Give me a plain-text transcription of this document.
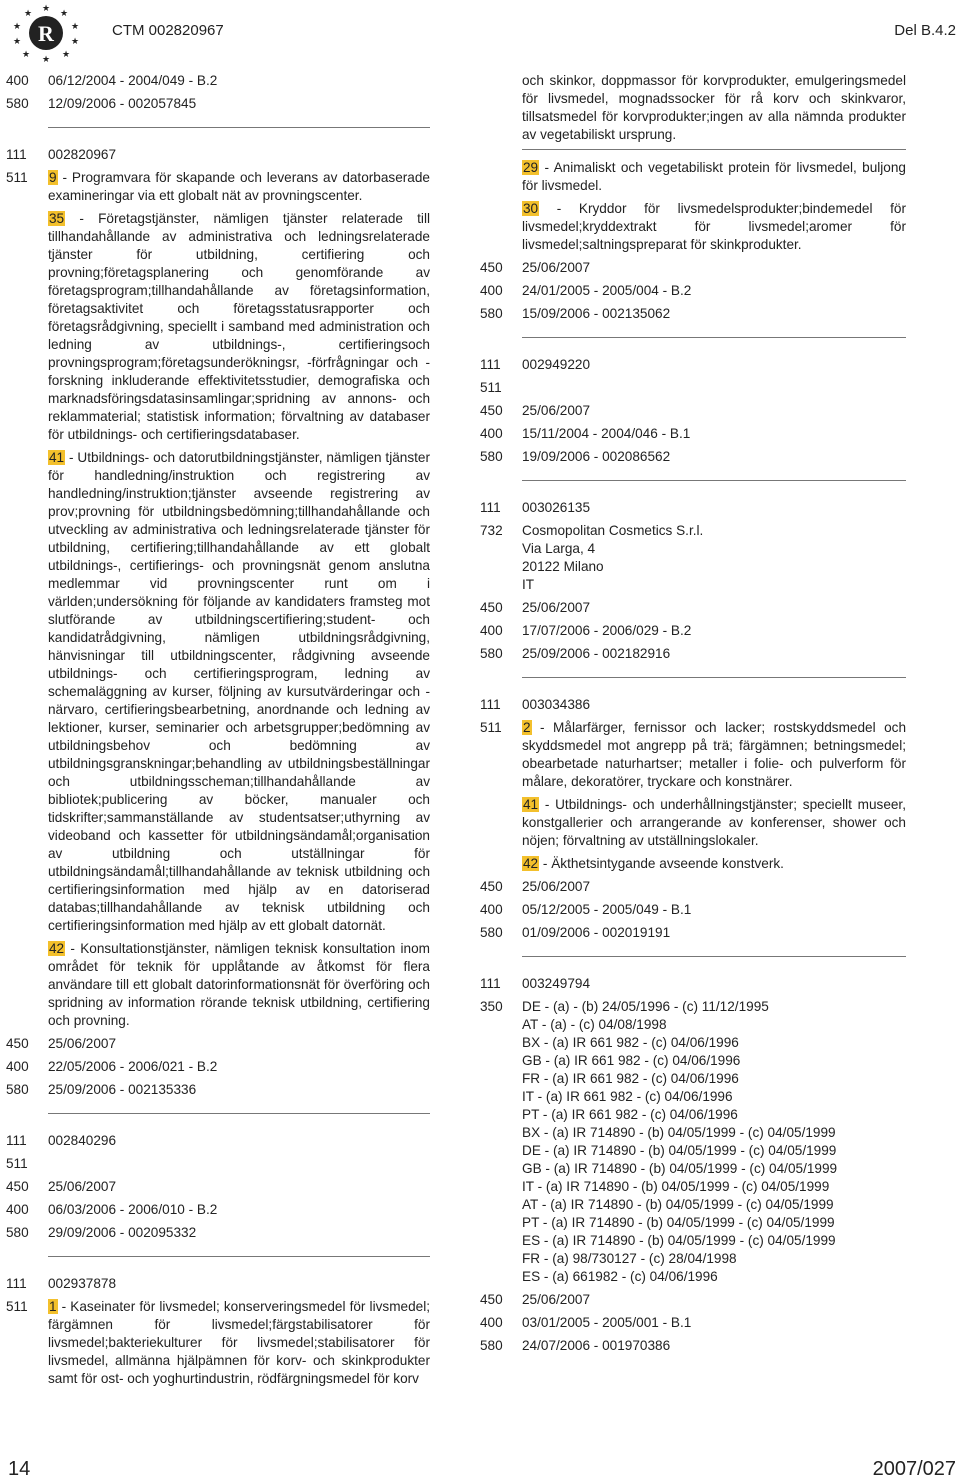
R
★
★	★
★	★
★	★
★	★
★
CTM 002820967	Del B.4.2
400	06/12/2004 - 2004/049 - B.2
580	12/09/2006 - 002057845
111	002820967
511	9 - Programvara för skapande och leverans av datorbaserade examineringar via ett globalt nät av provningscenter.
35 - Företagstjänster, nämligen tjänster relaterade till tillhandahållande av administrativa och ledningsrelaterade tjänster för utbildning, certifiering och provning;företagsplanering och genomförande av företagsprogram;tillhandahållande av företagsinformation, företagsaktivitet och företagsstatusrapporter och företagsrådgivning, speciellt i samband med administration och ledning av utbildnings-, certifieringsoch provningsprogram;företagsunderökningsr, -förfrågningar och -forskning inkluderande effektivitetsstudier, demografiska och marknadsföringsdatasinsamlingar;spridning av annons- och reklammaterial; statistisk information; förvaltning av databaser för utbildnings- och certifieringsdatabaser.
41 - Utbildnings- och datorutbildningstjänster, nämligen tjänster för handledning/instruktion och registrering av handledning/instruktion;tjänster avseende registrering av prov;provning för utbildningsbedömning;tillhandahållande och utveckling av administrativa och ledningsrelaterade tjänster för utbildning, certifiering;tillhandahållande av ett globalt utbildnings-, certifierings- och provningsnät genom anslutna medlemmar vid provningscenter runt om i världen;undersökning för följande av kandidaters framsteg mot slutförande av utbildningscertifiering;student- och kandidatrådgivning, nämligen utbildningsrådgivning, hänvisningar till utbildningscenter, rådgivning avseende utbildnings- och certifieringsprogram, ledning av schemaläggning av kurser, följning av kursutvärderingar och -närvaro, certifieringsbearbetning, anordnande och ledning av lektioner, kurser, seminarier och arbetsgrupper;bedömning av utbildningsbehov och bedömning av utbildningsgranskningar;behandling av utbildningsbeställningar och utbildningsscheman;tillhandahållande av bibliotek;publicering av böcker, manualer och tidskrifter;sammanställande av studentsatser;uthyrning av videoband och kassetter för utbildningsändamål;organisation av utbildning och utställningar för utbildningsändamål;tillhandahållande av teknisk utbildning och certifieringsinformation med hjälp av en datoriserad databas;tillhandahållande av teknisk utbildning och certifieringsinformation med hjälp av ett globalt datornät.
42 - Konsultationstjänster, nämligen teknisk konsultation inom området för teknik för upplåtande av åtkomst för flera användare till ett globalt datorinformationsnät för överföring och spridning av information rörande teknisk utbildning, certifiering och provning.
450	25/06/2007
400	22/05/2006 - 2006/021 - B.2
580	25/09/2006 - 002135336
111	002840296
511

450	25/06/2007
400	06/03/2006 - 2006/010 - B.2
580	29/09/2006 - 002095332
111	002937878
511	1 - Kaseinater för livsmedel; konserveringsmedel för livsmedel; färgämnen för livsmedel;färgstabilisatorer för livsmedel;bakteriekulturer för livsmedel;stabilisatorer för livsmedel, allmänna hjälpämnen för korv- och skinkprodukter samt för ost- och yoghurtindustrin, rödfärgningsmedel för korv
och skinkor, doppmassor för korvprodukter, emulgeringsmedel för livsmedel, mognadssocker för rå korv och skinkvaror, tillsatsmedel för korvprodukter;ingen av alla nämnda produkter av vegetabiliskt ursprung.
29 - Animaliskt och vegetabiliskt protein för livsmedel, buljong för livsmedel.
30 - Kryddor för livsmedelsprodukter;bindemedel för livsmedel;kryddextrakt för livsmedel;aromer för livsmedel;saltningspreparat för skinkprodukter.
450	25/06/2007
400	24/01/2005 - 2005/004 - B.2
580	15/09/2006 - 002135062
111	002949220
511

450	25/06/2007
400	15/11/2004 - 2004/046 - B.1
580	19/09/2006 - 002086562
111	003026135
732	Cosmopolitan Cosmetics S.r.l.
Via Larga, 4
20122 Milano
IT
450	25/06/2007
400	17/07/2006 - 2006/029 - B.2
580	25/09/2006 - 002182916
111	003034386
511	2 - Målarfärger, fernissor och lacker; rostskyddsmedel och skyddsmedel mot angrepp på trä; färgämnen; betningsmedel; obearbetade naturhartser; metaller i folie- och pulverform för målare, dekoratörer, tryckare och konstnärer.
41 - Utbildnings- och underhållningstjänster; speciellt museer, konstgallerier och arrangerande av konferenser, shower och nöjen; förvaltning av utställningslokaler.
42 - Äkthetsintygande avseende konstverk.
450	25/06/2007
400	05/12/2005 - 2005/049 - B.1
580	01/09/2006 - 002019191
111	003249794
350	DE - (a) - (b) 24/05/1996 - (c) 11/12/1995
AT - (a) - (c) 04/08/1998
BX - (a) IR 661 982 - (c) 04/06/1996
GB - (a) IR 661 982 - (c) 04/06/1996
FR - (a) IR 661 982 - (c) 04/06/1996
IT - (a) IR 661 982 - (c) 04/06/1996
PT - (a) IR 661 982 - (c) 04/06/1996
BX - (a) IR 714890 - (b) 04/05/1999 - (c) 04/05/1999
DE - (a) IR 714890 - (b) 04/05/1999 - (c) 04/05/1999
GB - (a) IR 714890 - (b) 04/05/1999 - (c) 04/05/1999
IT - (a) IR 714890 - (b) 04/05/1999 - (c) 04/05/1999
AT - (a) IR 714890 - (b) 04/05/1999 - (c) 04/05/1999
PT - (a) IR 714890 - (b) 04/05/1999 - (c) 04/05/1999
ES - (a) IR 714890 - (b) 04/05/1999 - (c) 04/05/1999
FR - (a) 98/730127 - (c) 28/04/1998
ES - (a) 661982 - (c) 04/06/1996
450	25/06/2007
400	03/01/2005 - 2005/001 - B.1
580	24/07/2006 - 001970386
14	2007/027
